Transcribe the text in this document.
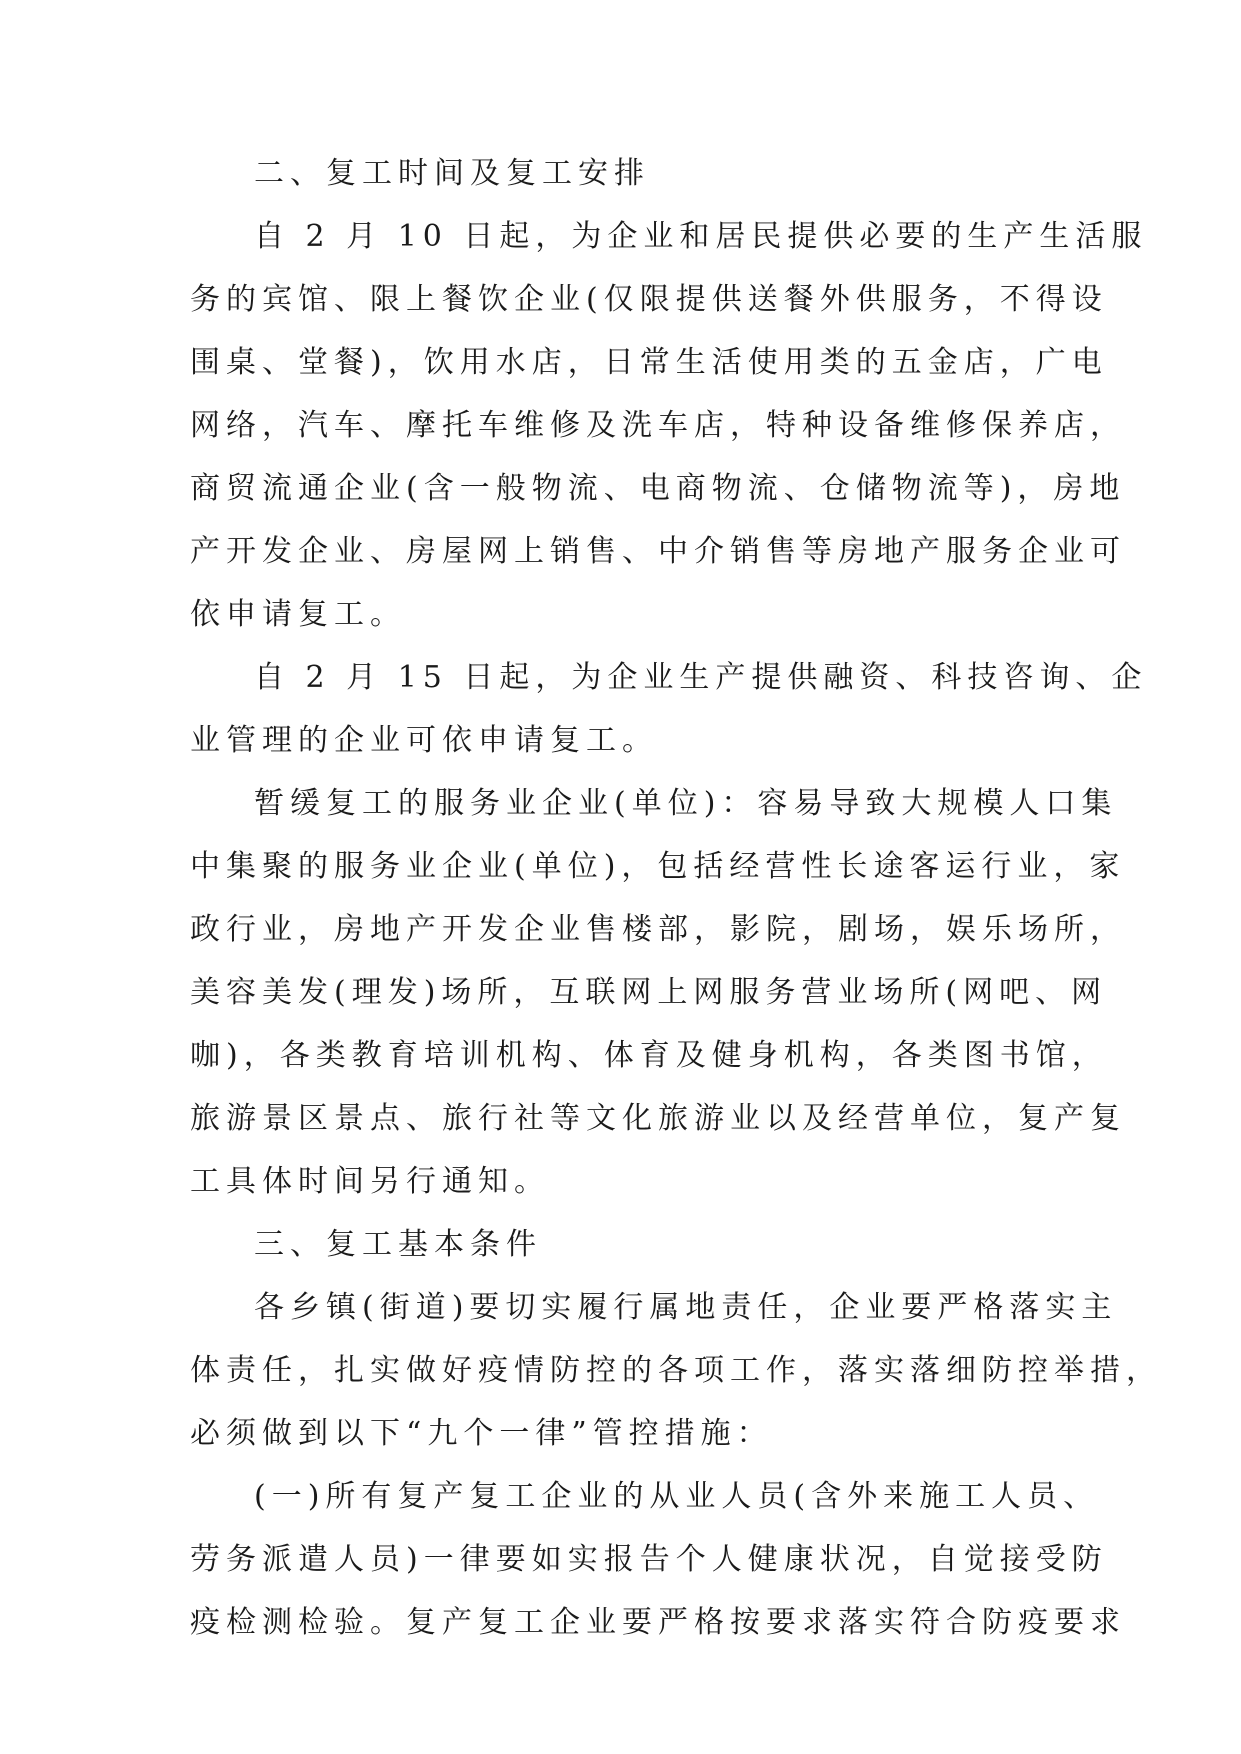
二、复工时间及复工安排
自 2 月 10 日起，为企业和居民提供必要的生产生活服
务的宾馆、限上餐饮企业(仅限提供送餐外供服务，不得设
围桌、堂餐)，饮用水店，日常生活使用类的五金店，广电
网络，汽车、摩托车维修及洗车店，特种设备维修保养店，
商贸流通企业(含一般物流、电商物流、仓储物流等)，房地
产开发企业、房屋网上销售、中介销售等房地产服务企业可
依申请复工。
自 2 月 15 日起，为企业生产提供融资、科技咨询、企
业管理的企业可依申请复工。
暂缓复工的服务业企业(单位)：容易导致大规模人口集
中集聚的服务业企业(单位)，包括经营性长途客运行业，家
政行业，房地产开发企业售楼部，影院，剧场，娱乐场所，
美容美发(理发)场所，互联网上网服务营业场所(网吧、网
咖)，各类教育培训机构、体育及健身机构，各类图书馆，
旅游景区景点、旅行社等文化旅游业以及经营单位，复产复
工具体时间另行通知。
三、复工基本条件
各乡镇(街道)要切实履行属地责任，企业要严格落实主
体责任，扎实做好疫情防控的各项工作，落实落细防控举措，
必须做到以下“九个一律”管控措施：
(一)所有复产复工企业的从业人员(含外来施工人员、
劳务派遣人员)一律要如实报告个人健康状况，自觉接受防
疫检测检验。复产复工企业要严格按要求落实符合防疫要求
